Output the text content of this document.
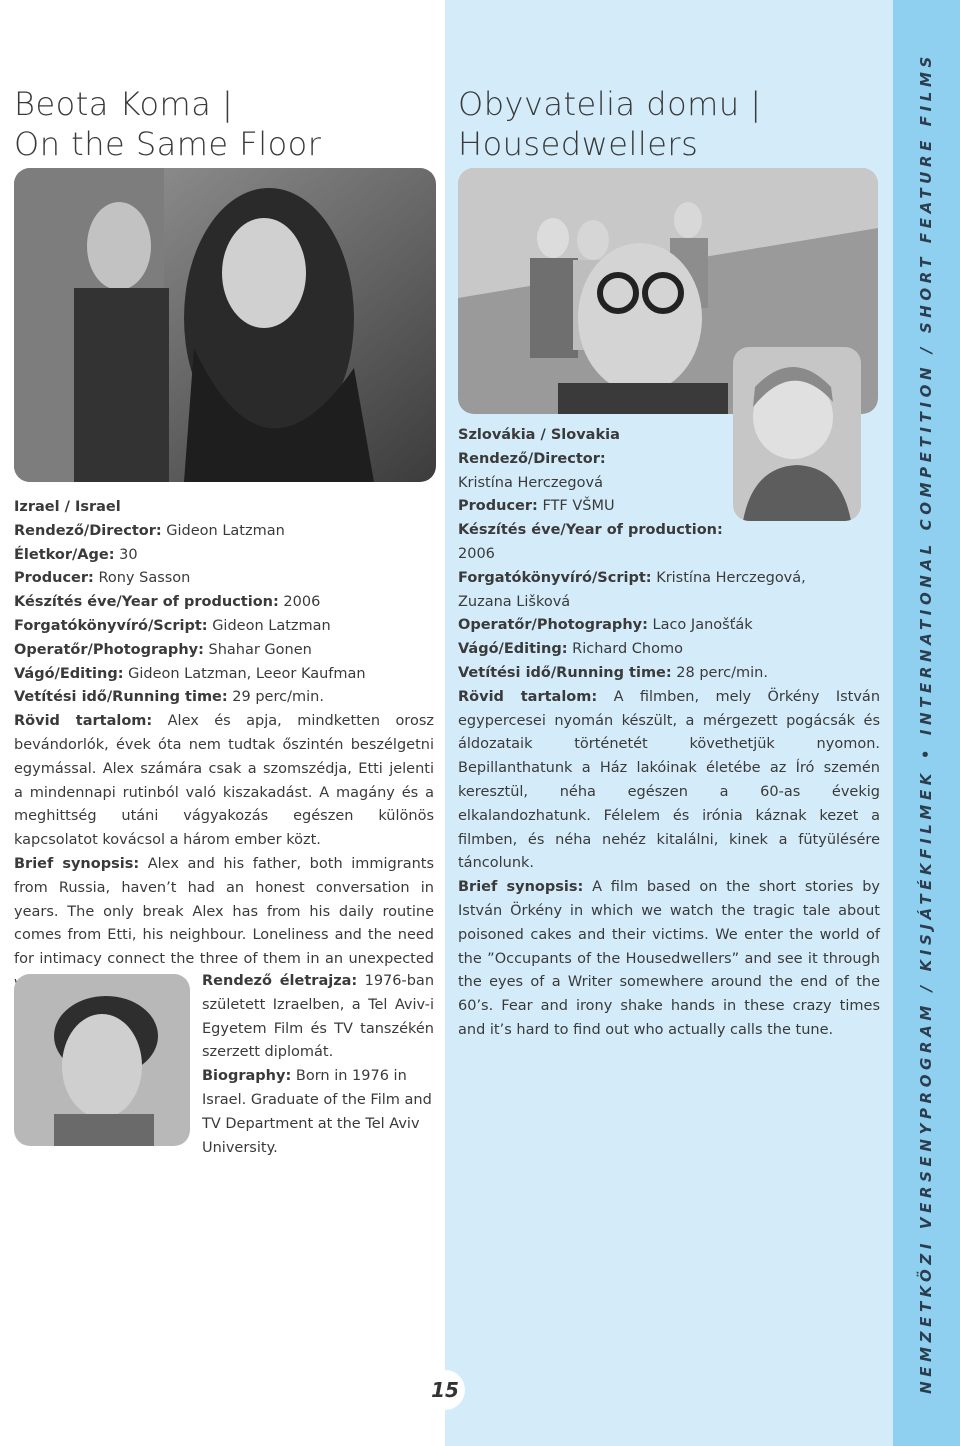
Beota Koma |
On the Same Floor

Izrael / Israel

Rendező/Director: Gideon Latzman

Életkor/Age: 30

Producer: Rony Sasson

Készítés éve/Year of production: 2006

Forgatókönyvíró/Script: Gideon Latzman

Operatőr/Photography: Shahar Gonen

Vágó/Editing: Gideon Latzman, Leeor Kaufman

Vetítési idő/Running time: 29 perc/min.

Rövid tartalom: Alex és apja, mindketten orosz bevándorlók, évek óta nem tudtak őszintén beszélgetni egymással. Alex számára csak a szomszédja, Etti jelenti a mindennapi rutinból való kiszakadást. A magány és a meghittség utáni vágyakozás egészen különös kapcsolatot kovácsol a három ember közt.

Brief synopsis: Alex and his father, both immigrants from Russia, haven’t had an honest conversation in years. The only break Alex has from his daily routine comes from Etti, his neighbour. Loneliness and the need for intimacy connect the three of them in an unexpected

Rendező életrajza: 1976-ban született Izraelben, a Tel Aviv-i Egyetem Film és TV tanszékén szerzett diplomát.

Biography: Born in 1976 in Israel. Graduate of the Film and TV Department at the Tel Aviv University.

Obyvatelia domu |
Housedwellers

Szlovákia / Slovakia

Rendező/Director:

Kristína Herczegová

Producer: FTF VŠMU

Készítés éve/Year of production:

2006

Forgatókönyvíró/Script: Kristína Herczegová, Zuzana Lišková

Operatőr/Photography: Laco Janošťák

Vágó/Editing: Richard Chomo

Vetítési idő/Running time: 28 perc/min.

Rövid tartalom: A filmben, mely Örkény István egypercesei nyomán készült, a mérgezett pogácsák és áldozataik történetét követhetjük nyomon. Bepillanthatunk a Ház lakóinak életébe az Író szemén keresztül, néha egészen a 60-as évekig elkalandozhatunk. Félelem és irónia káznak kezet a filmben, és néha nehéz kitalálni, kinek a fütyülésére táncolunk.

Brief synopsis: A film based on the short stories by István Örkény in which we watch the tragic tale about poisoned cakes and their victims. We enter the world of the ”Occupants of the Housedwellers” and see it through the eyes of a Writer somewhere around the end of the 60’s. Fear and irony shake hands in these crazy times and it’s hard to find out who actually calls the tune.	NEMZETKÖZI VERSENYPROGRAM / KISJÁTÉKFILMEK • INTERNATIONAL COMPETITION / SHORT FEATURE FILMS
15
